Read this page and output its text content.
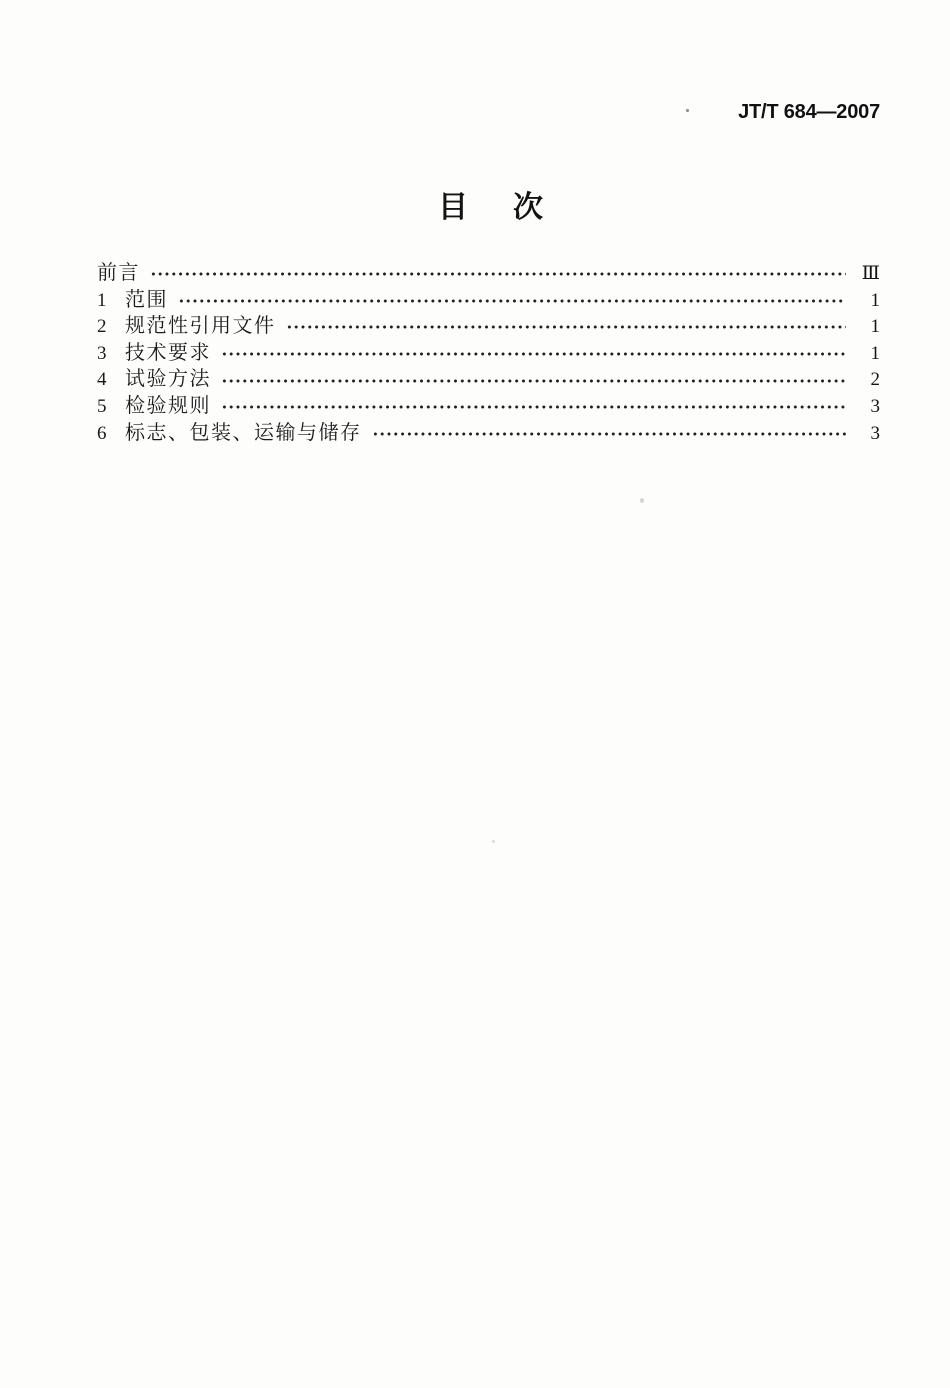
JT/T 684—2007
目 次
前言	Ⅲ
1 范围	1
2 规范性引用文件	1
3 技术要求	1
4 试验方法	2
5 检验规则	3
6 标志、包装、运输与储存	3
